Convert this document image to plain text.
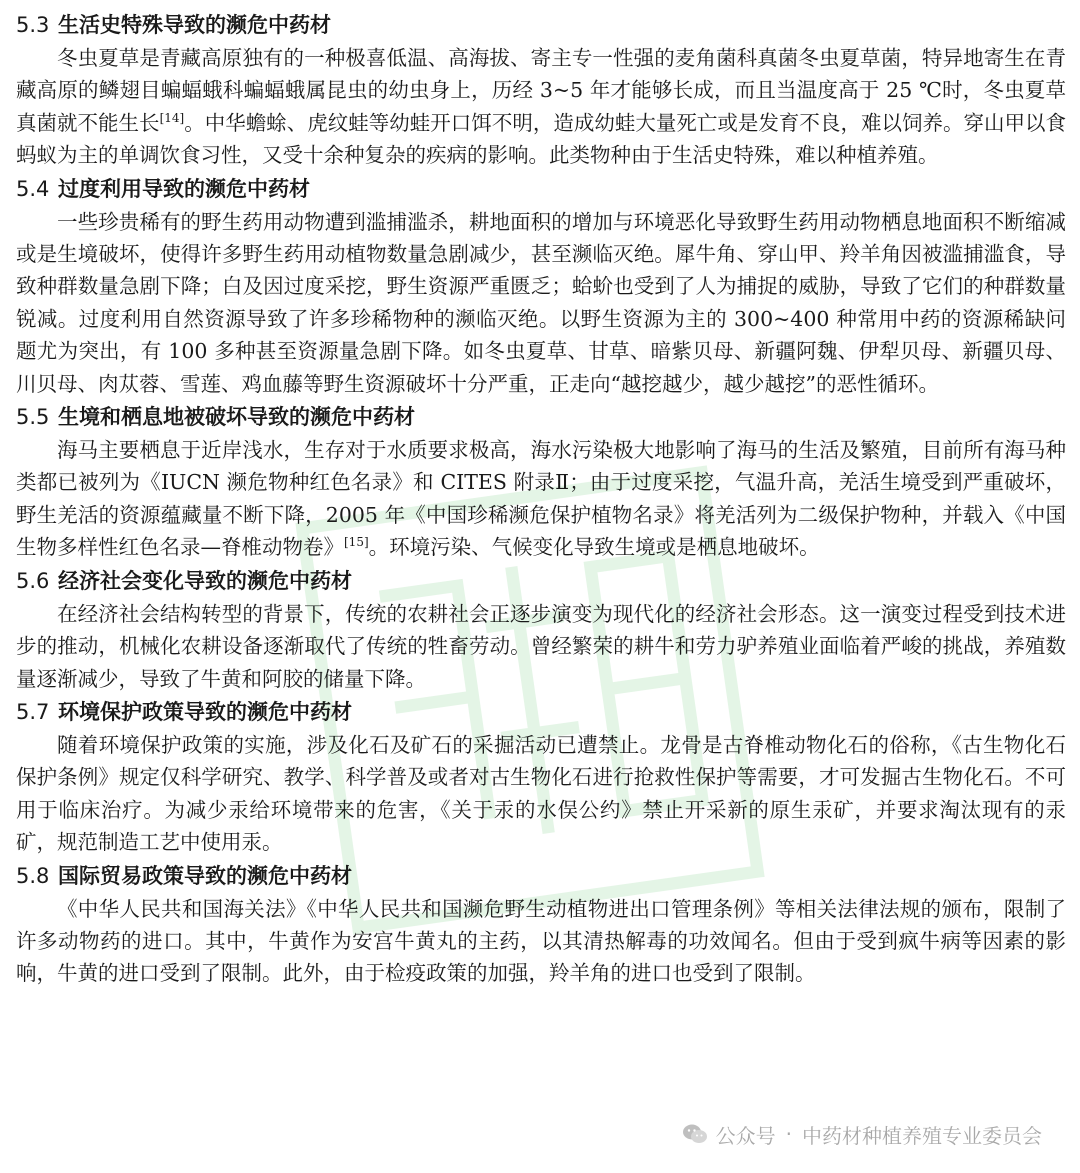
5.3 生活史特殊导致的濒危中药材

冬虫夏草是青藏高原独有的一种极喜低温、高海拔、寄主专一性强的麦角菌科真菌冬虫夏草菌，特异地寄生在青藏高原的鳞翅目蝙蝠蛾科蝙蝠蛾属昆虫的幼虫身上，历经 3~5 年才能够长成，而且当温度高于 25 ℃时，冬虫夏草真菌就不能生长[14]。中华蟾蜍、虎纹蛙等幼蛙开口饵不明，造成幼蛙大量死亡或是发育不良，难以饲养。穿山甲以食蚂蚁为主的单调饮食习性，又受十余种复杂的疾病的影响。此类物种由于生活史特殊，难以种植养殖。

5.4 过度利用导致的濒危中药材

一些珍贵稀有的野生药用动物遭到滥捕滥杀，耕地面积的增加与环境恶化导致野生药用动物栖息地面积不断缩减或是生境破坏，使得许多野生药用动植物数量急剧减少，甚至濒临灭绝。犀牛角、穿山甲、羚羊角因被滥捕滥食，导致种群数量急剧下降；白及因过度采挖，野生资源严重匮乏；蛤蚧也受到了人为捕捉的威胁，导致了它们的种群数量锐减。过度利用自然资源导致了许多珍稀物种的濒临灭绝。以野生资源为主的 300~400 种常用中药的资源稀缺问题尤为突出，有 100 多种甚至资源量急剧下降。如冬虫夏草、甘草、暗紫贝母、新疆阿魏、伊犁贝母、新疆贝母、川贝母、肉苁蓉、雪莲、鸡血藤等野生资源破坏十分严重，正走向“越挖越少，越少越挖”的恶性循环。

5.5 生境和栖息地被破坏导致的濒危中药材

海马主要栖息于近岸浅水，生存对于水质要求极高，海水污染极大地影响了海马的生活及繁殖，目前所有海马种类都已被列为《IUCN 濒危物种红色名录》和 CITES 附录Ⅱ；由于过度采挖，气温升高，羌活生境受到严重破坏，野生羌活的资源蕴藏量不断下降，2005 年《中国珍稀濒危保护植物名录》将羌活列为二级保护物种，并载入《中国生物多样性红色名录—脊椎动物卷》[15]。环境污染、气候变化导致生境或是栖息地破坏。

5.6 经济社会变化导致的濒危中药材

在经济社会结构转型的背景下，传统的农耕社会正逐步演变为现代化的经济社会形态。这一演变过程受到技术进步的推动，机械化农耕设备逐渐取代了传统的牲畜劳动。曾经繁荣的耕牛和劳力驴养殖业面临着严峻的挑战，养殖数量逐渐减少，导致了牛黄和阿胶的储量下降。

5.7 环境保护政策导致的濒危中药材

随着环境保护政策的实施，涉及化石及矿石的采掘活动已遭禁止。龙骨是古脊椎动物化石的俗称，《古生物化石保护条例》规定仅科学研究、教学、科学普及或者对古生物化石进行抢救性保护等需要，才可发掘古生物化石。不可用于临床治疗。为减少汞给环境带来的危害，《关于汞的水俣公约》禁止开采新的原生汞矿，并要求淘汰现有的汞矿，规范制造工艺中使用汞。

5.8 国际贸易政策导致的濒危中药材

《中华人民共和国海关法》《中华人民共和国濒危野生动植物进出口管理条例》等相关法律法规的颁布，限制了许多动物药的进口。其中，牛黄作为安宫牛黄丸的主药，以其清热解毒的功效闻名。但由于受到疯牛病等因素的影响，牛黄的进口受到了限制。此外，由于检疫政策的加强，羚羊角的进口也受到了限制。

公众号 · 中药材种植养殖专业委员会
